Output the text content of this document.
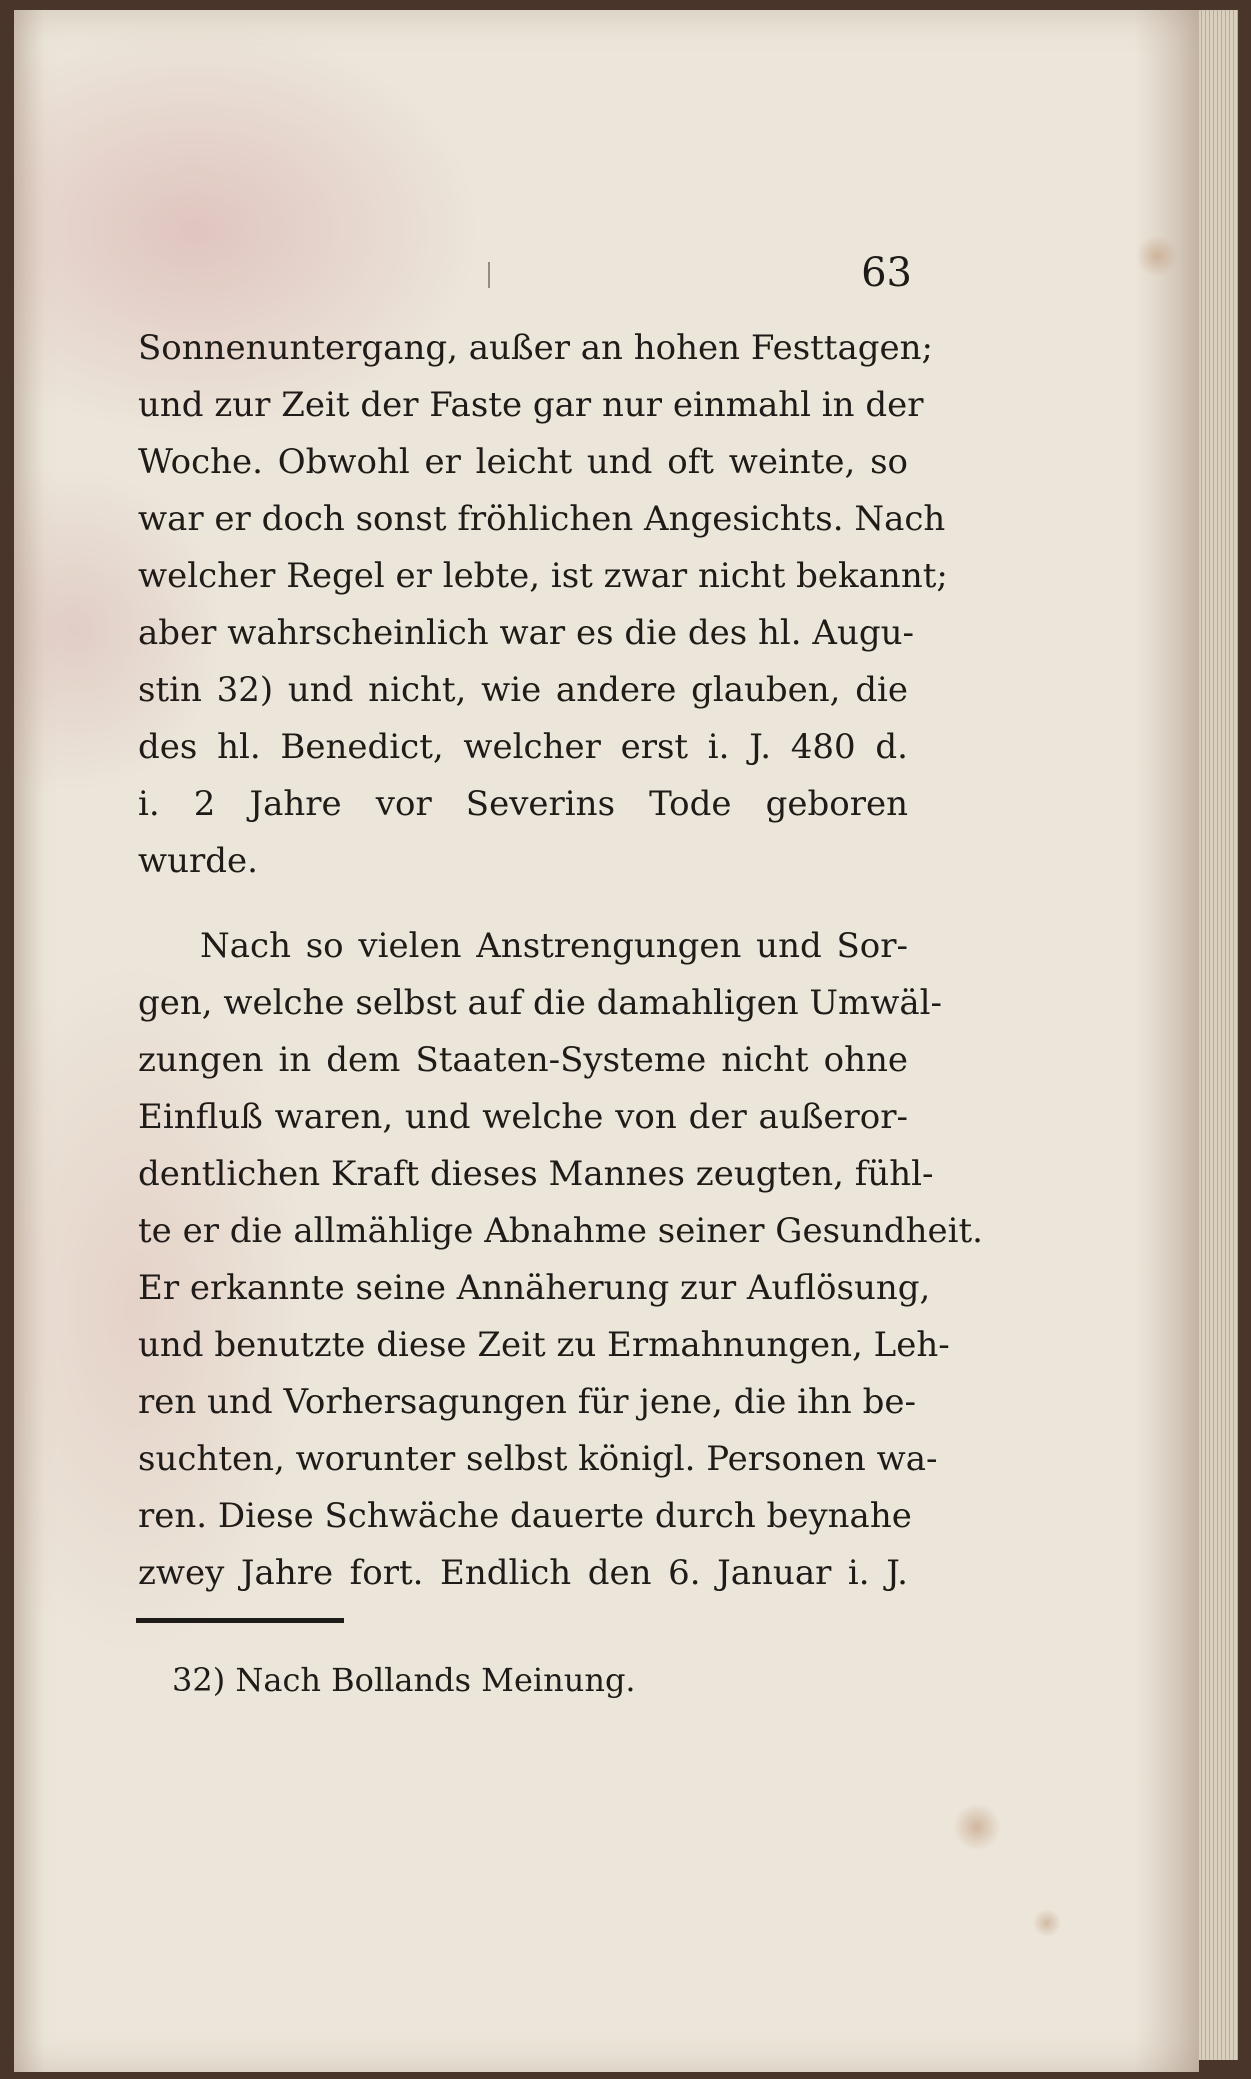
63
Sonnenuntergang, außer an hohen Festtagen;
und zur Zeit der Faste gar nur einmahl in der
Woche. Obwohl er leicht und oft weinte, so
war er doch sonst fröhlichen Angesichts. Nach
welcher Regel er lebte, ist zwar nicht bekannt;
aber wahrscheinlich war es die des hl. Augu-
stin 32) und nicht, wie andere glauben, die
des hl. Benedict, welcher erst i. J. 480 d.
i. 2 Jahre vor Severins Tode geboren
wurde.
Nach so vielen Anstrengungen und Sor-
gen, welche selbst auf die damahligen Umwäl-
zungen in dem Staaten-Systeme nicht ohne
Einfluß waren, und welche von der außeror-
dentlichen Kraft dieses Mannes zeugten, fühl-
te er die allmählige Abnahme seiner Gesundheit.
Er erkannte seine Annäherung zur Auflösung,
und benutzte diese Zeit zu Ermahnungen, Leh-
ren und Vorhersagungen für jene, die ihn be-
suchten, worunter selbst königl. Personen wa-
ren. Diese Schwäche dauerte durch beynahe
zwey Jahre fort. Endlich den 6. Januar i. J.
32) Nach Bollands Meinung.
